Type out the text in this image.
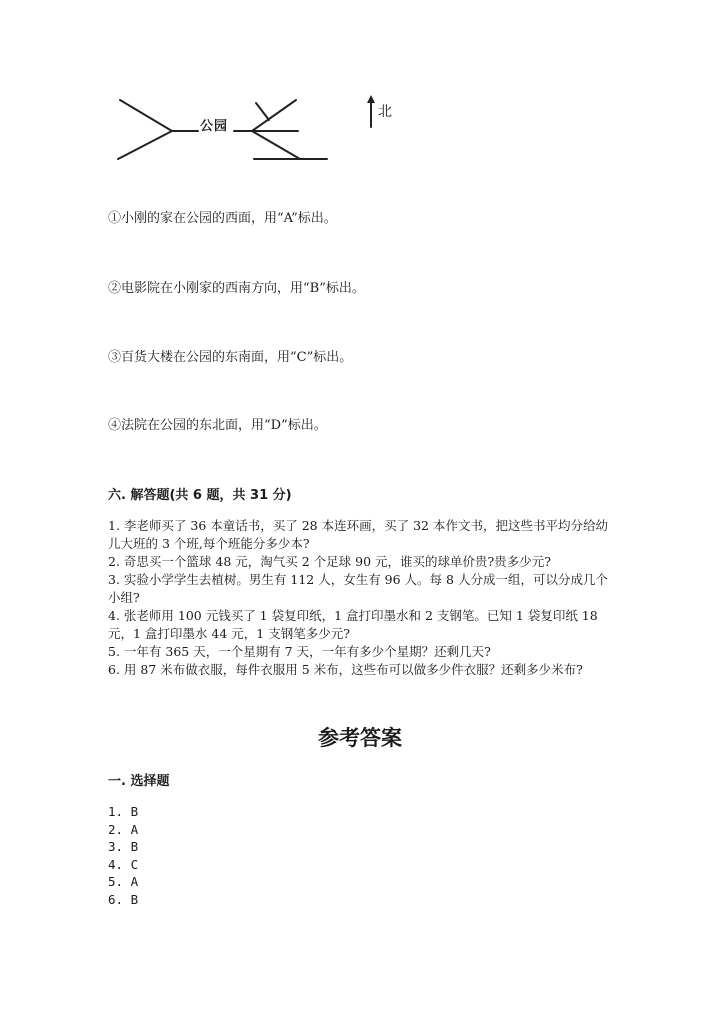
公园
北
①小刚的家在公园的西面，用“A”标出。
②电影院在小刚家的西南方向，用“B”标出。
③百货大楼在公园的东南面，用“C”标出。
④法院在公园的东北面，用“D”标出。
六. 解答题(共 6 题，共 31 分)
1. 李老师买了 36 本童话书，买了 28 本连环画，买了 32 本作文书，把这些书平均分给幼儿大班的 3 个班,每个班能分多少本?
2. 奇思买一个篮球 48 元，淘气买 2 个足球 90 元，谁买的球单价贵?贵多少元?
3. 实验小学学生去植树。男生有 112 人，女生有 96 人。每 8 人分成一组，可以分成几个小组?
4. 张老师用 100 元钱买了 1 袋复印纸，1 盒打印墨水和 2 支钢笔。已知 1 袋复印纸 18 元，1 盒打印墨水 44 元，1 支钢笔多少元?
5. 一年有 365 天，一个星期有 7 天，一年有多少个星期？还剩几天?
6. 用 87 米布做衣服，每件衣服用 5 米布，这些布可以做多少件衣服？还剩多少米布?
参考答案
一. 选择题
1. B
2. A
3. B
4. C
5. A
6. B
